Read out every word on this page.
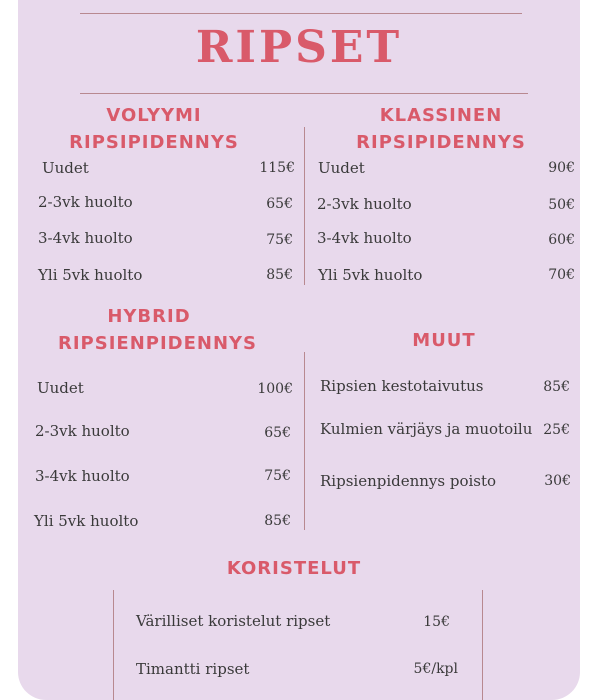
RIPSET
VOLYYMI
RIPSIPIDENNYS
Uudet	115€
2-3vk huolto	65€
3-4vk huolto	75€
Yli 5vk huolto	85€
KLASSINEN
RIPSIPIDENNYS
Uudet	90€
2-3vk huolto	50€
3-4vk huolto	60€
Yli 5vk huolto	70€
HYBRID
RIPSIENPIDENNYS
Uudet	100€
2-3vk huolto	65€
3-4vk huolto	75€
Yli 5vk huolto	85€
MUUT
Ripsien kestotaivutus	85€
Kulmien värjäys ja muotoilu 25€
Ripsienpidennys poisto	30€
KORISTELUT
Värilliset koristelut ripset	15€
Timantti ripset	5€/kpl
